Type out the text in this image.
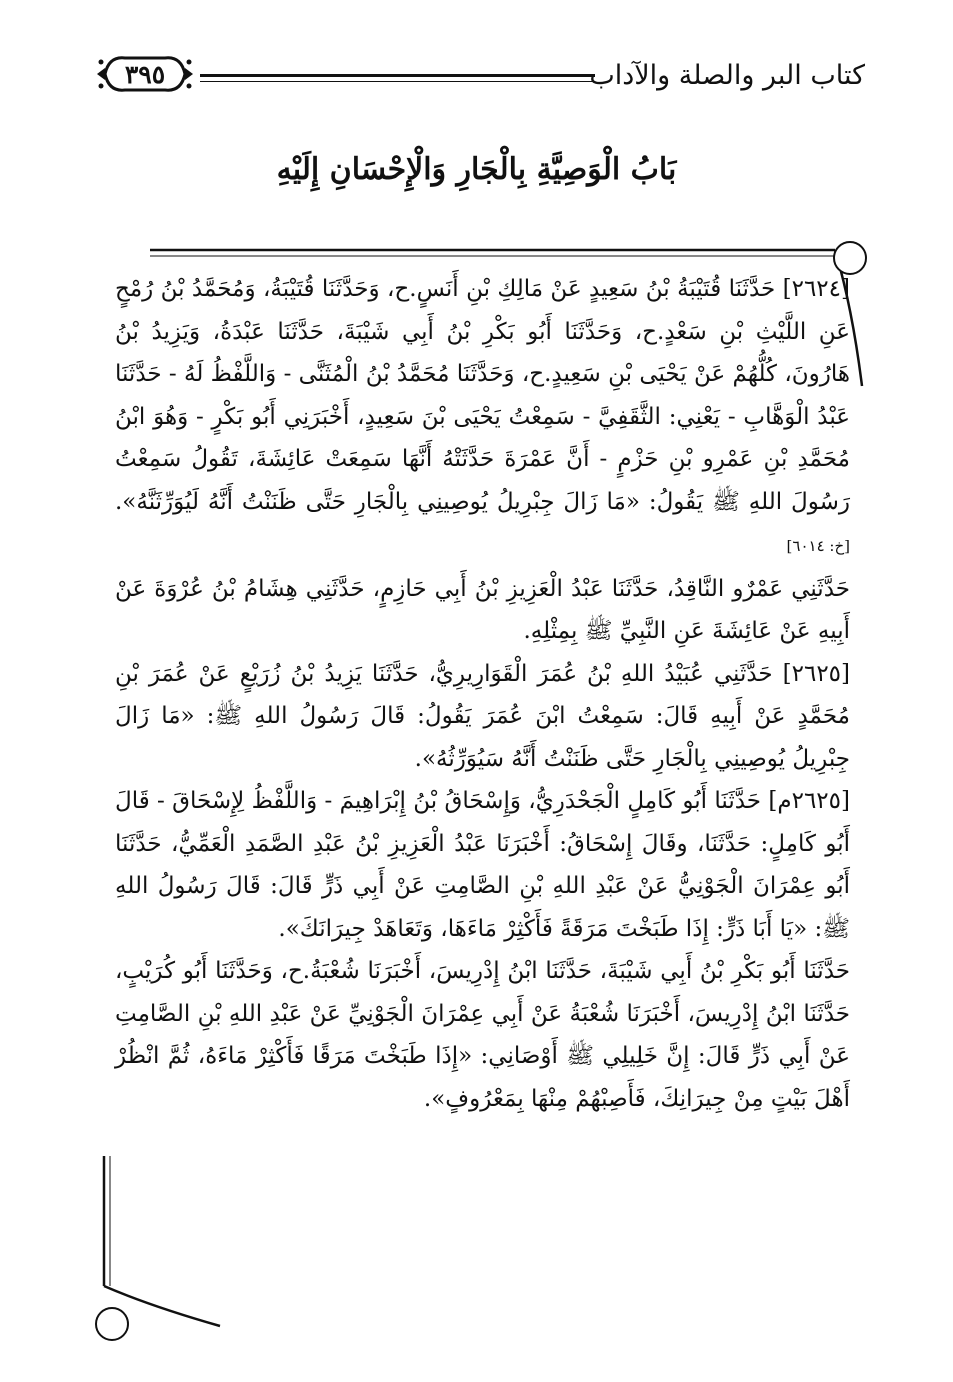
كتاب البر والصلة والآداب
٣٩٥
بَابُ الْوَصِيَّةِ بِالْجَارِ وَالْإِحْسَانِ إِلَيْهِ

[٢٦٢٤] حَدَّثَنَا قُتَيْبَةُ بْنُ سَعِيدٍ عَنْ مَالِكِ بْنِ أَنَسٍ.ح، وَحَدَّثَنَا قُتَيْبَةُ، وَمُحَمَّدُ بْنُ رُمْحٍ عَنِ اللَّيْثِ بْنِ سَعْدٍ.ح، وَحَدَّثَنَا أَبُو بَكْرِ بْنُ أَبِي شَيْبَةَ، حَدَّثَنَا عَبْدَةُ، وَيَزِيدُ بْنُ هَارُونَ، كُلُّهُمْ عَنْ يَحْيَى بْنِ سَعِيدٍ.ح، وَحَدَّثَنَا مُحَمَّدُ بْنُ الْمُثَنَّى - وَاللَّفْظُ لَهُ - حَدَّثَنَا عَبْدُ الْوَهَّابِ - يَعْنِي: الثَّقَفِيَّ - سَمِعْتُ يَحْيَى بْنَ سَعِيدٍ، أَخْبَرَنِي أَبُو بَكْرٍ - وَهُوَ ابْنُ مُحَمَّدِ بْنِ عَمْرِو بْنِ حَزْمٍ - أَنَّ عَمْرَةَ حَدَّثَتْهُ أَنَّهَا سَمِعَتْ عَائِشَةَ، تَقُولُ سَمِعْتُ رَسُولَ اللهِ ﷺ يَقُولُ: «مَا زَالَ جِبْرِيلُ يُوصِينِي بِالْجَارِ حَتَّى ظَنَنْتُ أَنَّهُ لَيُوَرِّثَنَّهُ». [خ: ٦٠١٤]

حَدَّثَنِي عَمْرٌو النَّاقِدُ، حَدَّثَنَا عَبْدُ الْعَزِيزِ بْنُ أَبِي حَازِمٍ، حَدَّثَنِي هِشَامُ بْنُ عُرْوَةَ عَنْ أَبِيهِ عَنْ عَائِشَةَ عَنِ النَّبِيِّ ﷺ بِمِثْلِهِ.

[٢٦٢٥] حَدَّثَنِي عُبَيْدُ اللهِ بْنُ عُمَرَ الْقَوَارِيرِيُّ، حَدَّثَنَا يَزِيدُ بْنُ زُرَيْعٍ عَنْ عُمَرَ بْنِ مُحَمَّدٍ عَنْ أَبِيهِ قَالَ: سَمِعْتُ ابْنَ عُمَرَ يَقُولُ: قَالَ رَسُولُ اللهِ ﷺ: «مَا زَالَ جِبْرِيلُ يُوصِينِي بِالْجَارِ حَتَّى ظَنَنْتُ أَنَّهُ سَيُوَرِّثُهُ».

[٢٦٢٥م] حَدَّثَنَا أَبُو كَامِلٍ الْجَحْدَرِيُّ، وَإِسْحَاقُ بْنُ إِبْرَاهِيمَ - وَاللَّفْظُ لِإِسْحَاقَ - قَالَ أَبُو كَامِلٍ: حَدَّثَنَا، وقَالَ إِسْحَاقُ: أَخْبَرَنَا عَبْدُ الْعَزِيزِ بْنُ عَبْدِ الصَّمَدِ الْعَمِّيُّ، حَدَّثَنَا أَبُو عِمْرَانَ الْجَوْنِيُّ عَنْ عَبْدِ اللهِ بْنِ الصَّامِتِ عَنْ أَبِي ذَرٍّ قَالَ: قَالَ رَسُولُ اللهِ ﷺ: «يَا أَبَا ذَرٍّ: إِذَا طَبَخْتَ مَرَقَةً فَأَكْثِرْ مَاءَهَا، وَتَعَاهَدْ جِيرَانَكَ».

حَدَّثَنَا أَبُو بَكْرِ بْنُ أَبِي شَيْبَةَ، حَدَّثَنَا ابْنُ إِدْرِيسَ، أَخْبَرَنَا شُعْبَةُ.ح، وَحَدَّثَنَا أَبُو كُرَيْبٍ، حَدَّثَنَا ابْنُ إِدْرِيسَ، أَخْبَرَنَا شُعْبَةُ عَنْ أَبِي عِمْرَانَ الْجَوْنِيِّ عَنْ عَبْدِ اللهِ بْنِ الصَّامِتِ عَنْ أَبِي ذَرٍّ قَالَ: إِنَّ خَلِيلِي ﷺ أَوْصَانِي: «إِذَا طَبَخْتَ مَرَقًا فَأَكْثِرْ مَاءَهُ، ثُمَّ انْظُرْ أَهْلَ بَيْتٍ مِنْ جِيرَانِكَ، فَأَصِبْهُمْ مِنْهَا بِمَعْرُوفٍ».
